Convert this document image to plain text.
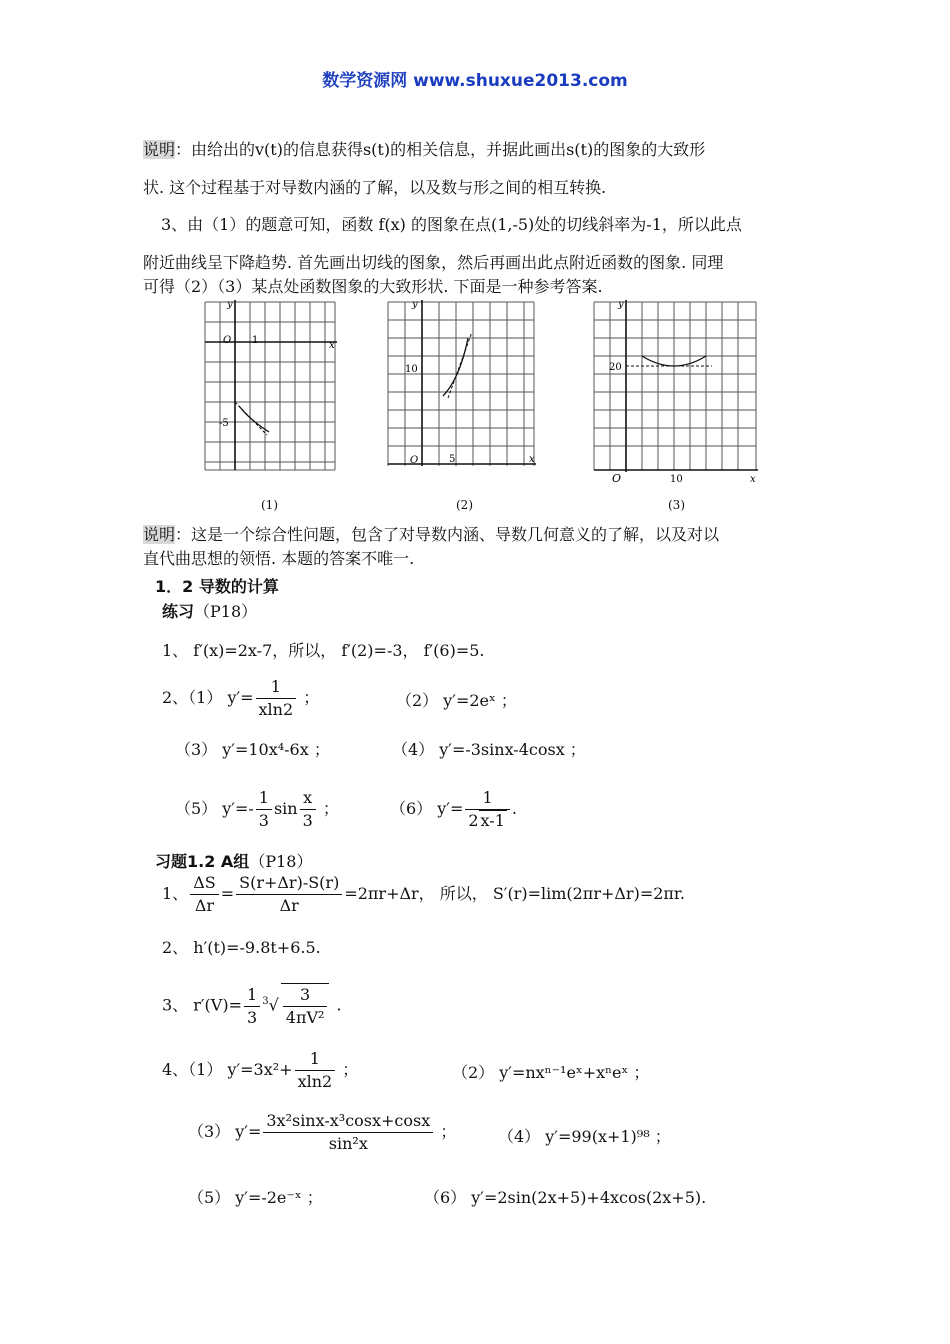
数学资源网 www.shuxue2013.com
说明：由给出的v(t)的信息获得s(t)的相关信息，并据此画出s(t)的图象的大致形
状. 这个过程基于对导数内涵的了解，以及数与形之间的相互转换.
3、由（1）的题意可知，函数 f(x) 的图象在点(1,-5)处的切线斜率为-1，所以此点
附近曲线呈下降趋势. 首先画出切线的图象，然后再画出此点附近函数的图象. 同理
可得（2）（3）某点处函数图象的大致形状. 下面是一种参考答案.
y
O 1	x
-5
(1)
y
O	5	x
10
(2)
y
O	10	x
20
(3)
说明：这是一个综合性问题，包含了对导数内涵、导数几何意义的了解，以及对以
直代曲思想的领悟. 本题的答案不唯一.
1．2 导数的计算
练习（P18）
1、 f′(x)=2x-7，所以， f′(2)=-3， f′(6)=5.
2、（1） $y'= \frac{1}{xln2}$ ；	（2） y′=2eˣ ；
（3） y′=10x⁴-6x ；	（4） y′=-3sinx-4cosx ；
（5） $y'=- \frac{1}{3}$ $\sin \frac{x}{3}$ ；	（6） $y'= \frac{1}{2 x-1}$ .
习题1.2 A组（P18）
1、 $\frac{\Delta S}{\Delta r} = \frac{S(r+\Delta r)-S(r)}{\Delta r} =2\pi r+\Delta r$， 所以， S′(r)=lim(2πr+Δr)=2πr.
2、 h′(t)=-9.8t+6.5.
3、 $r'(V)= \frac{1}{3} ^3√ \frac{3}{\text{4πV²}}$ .
4、（1） $y'=3x^2+ \frac{1}{xln2}$ ；	（2） y′=nxⁿ⁻¹eˣ+xⁿeˣ ；
（3） $y'= \frac{\text{3x²sinx-x³cosx+cosx}}{\text{sin²x}}$ ；	（4） y′=99(x+1)⁹⁸ ；
（5） y′=-2e⁻ˣ ；	（6） y′=2sin(2x+5)+4xcos(2x+5).
